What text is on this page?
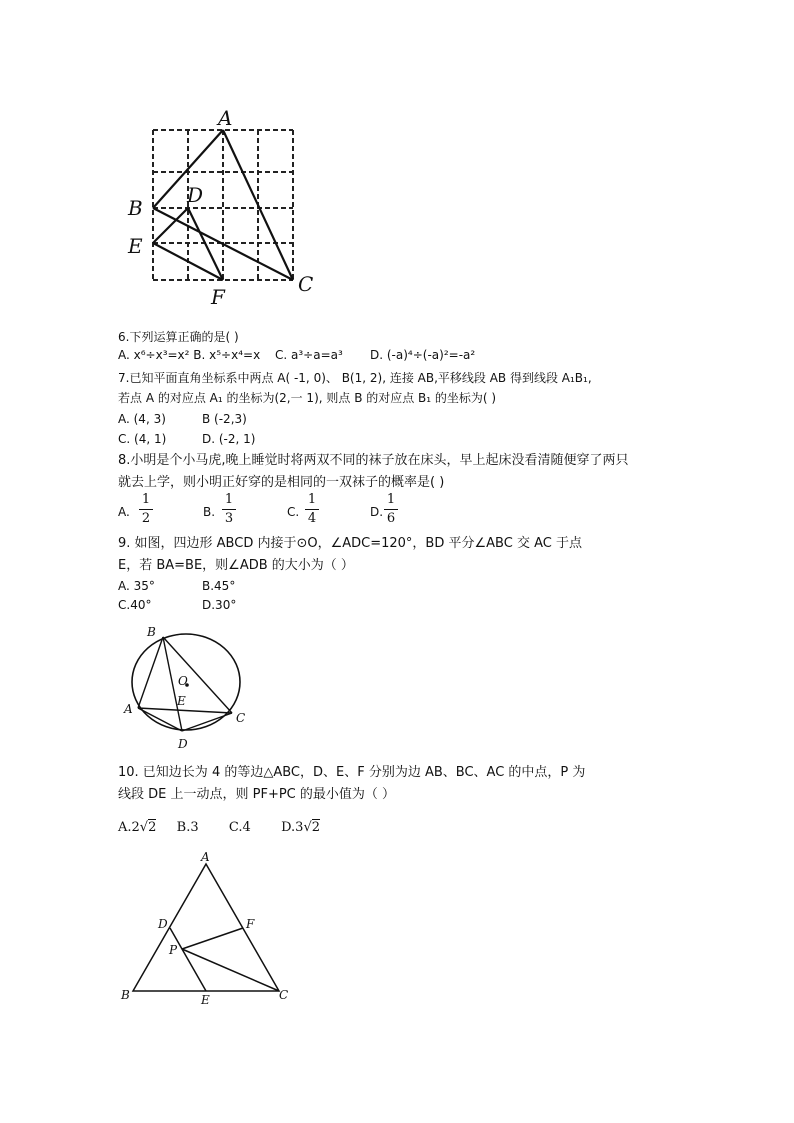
A
B
D
E
F
C
6.下列运算正确的是( )
A. x⁶÷x³=x² B. x⁵÷x⁴=x C. a³÷a=a³ D. (-a)⁴÷(-a)²=-a²
7.已知平面直角坐标系中两点 A( -1, 0)、 B(1, 2), 连接 AB,平移线段 AB 得到线段 A₁B₁,
若点 A 的对应点 A₁ 的坐标为(2,一 1), 则点 B 的对应点 B₁ 的坐标为( )
A. (4, 3)	B (-2,3)
C. (4, 1)	D. (-2, 1)
8.小明是个小马虎,晚上睡觉时将两双不同的袜子放在床头，早上起床没看清随便穿了两只
就去上学，则小明正好穿的是相同的一双袜子的概率是( )
A.
1
2	B.
1
3	C.
1
4	D.
1
6
9. 如图，四边形 ABCD 内接于⊙O，∠ADC=120°，BD 平分∠ABC 交 AC 于点
E，若 BA=BE，则∠ADB 的大小为（ ）
A. 35°	B.45°
C.40°	D.30°
B
O
E
A
C
D
10. 已知边长为 4 的等边△ABC，D、E、F 分别为边 AB、BC、AC 的中点，P 为
线段 DE 上一动点，则 PF+PC 的最小值为（ ）
A.2√2 B.3 C.4 D.3√2
A
D	F
P
B	E	C
